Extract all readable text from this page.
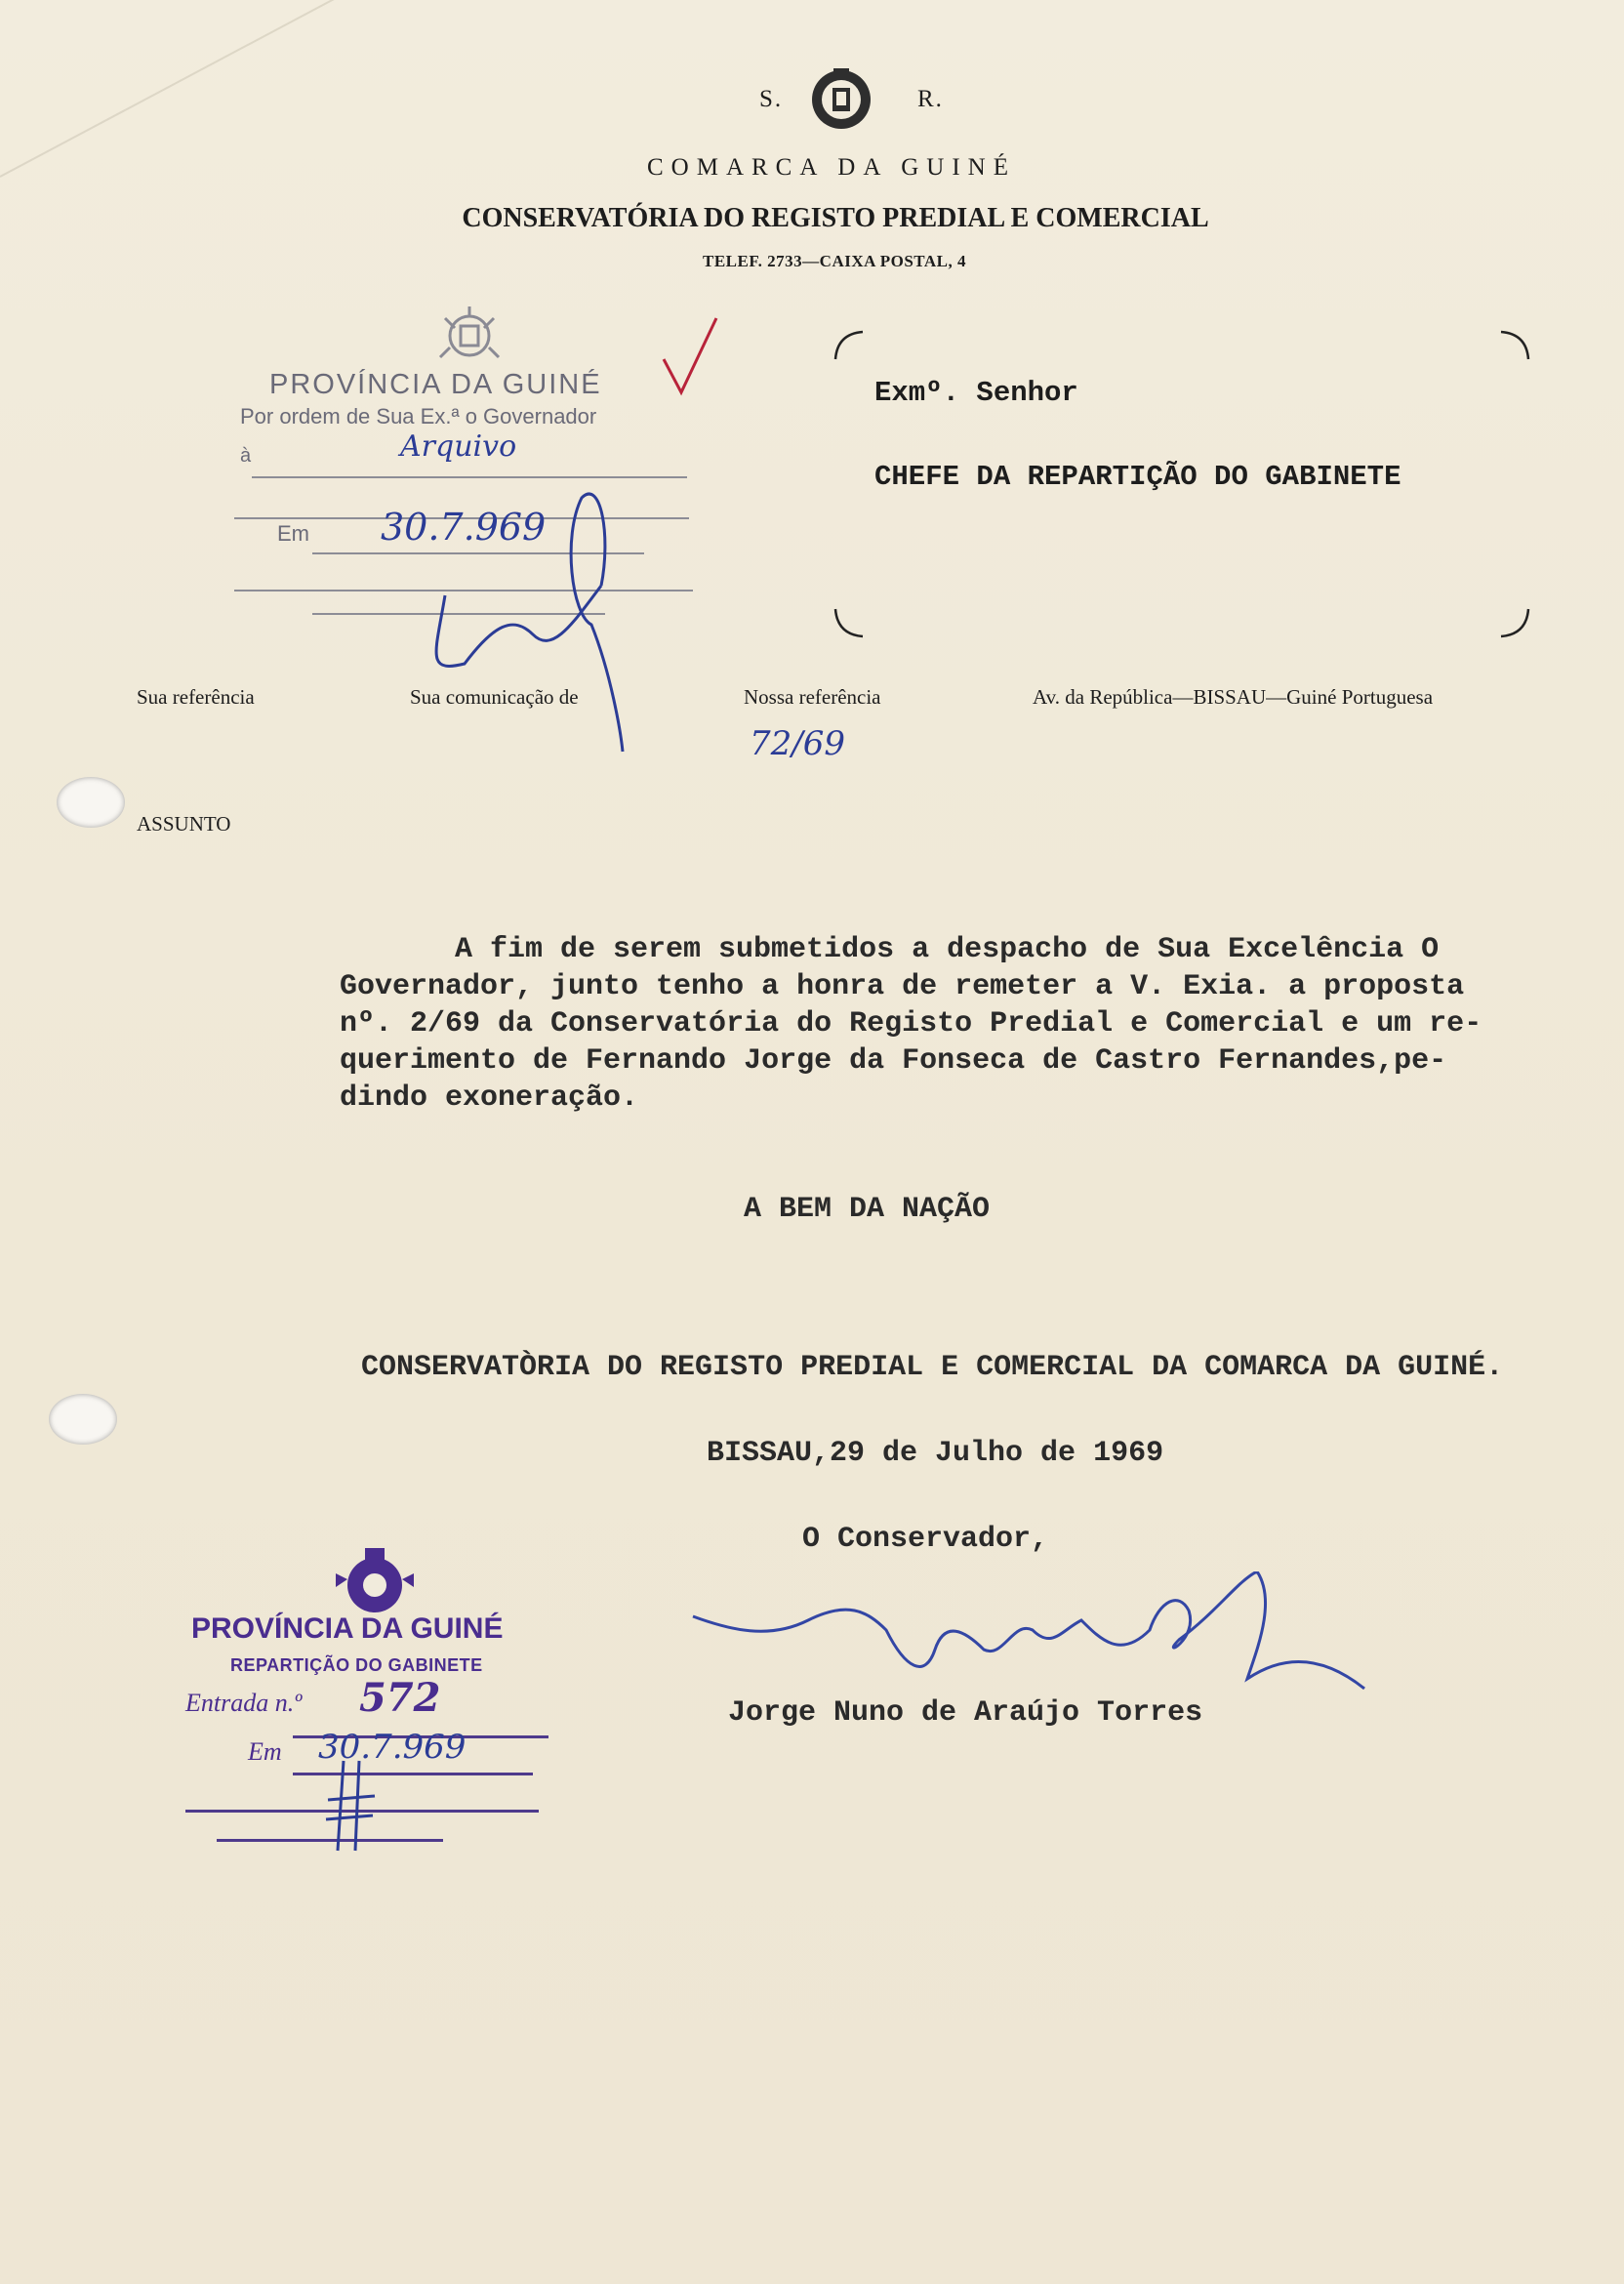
S.	R.
COMARCA DA GUINÉ
CONSERVATÓRIA DO REGISTO PREDIAL E COMERCIAL
TELEF. 2733—CAIXA POSTAL, 4
PROVÍNCIA DA GUINÉ
Por ordem de Sua Ex.ª o Governador
à	Arquivo
Em 30.7.969
Exmº. Senhor
CHEFE DA REPARTIÇÃO DO GABINETE
Sua referência	Sua comunicação de	Nossa referência	Av. da República—BISSAU—Guiné Portuguesa
72/69
ASSUNTO
A fim de serem submetidos a despacho de Sua Excelência O
Governador, junto tenho a honra de remeter a V. Exia. a proposta
nº. 2/69 da Conservatória do Registo Predial e Comercial e um re-
querimento de Fernando Jorge da Fonseca de Castro Fernandes,pe-
dindo exoneração.
A BEM DA NAÇÃO
CONSERVATÒRIA DO REGISTO PREDIAL E COMERCIAL DA COMARCA DA GUINÉ.
BISSAU,29 de Julho de 1969
O Conservador,
Jorge Nuno de Araújo Torres
PROVÍNCIA DA GUINÉ
REPARTIÇÃO DO GABINETE
Entrada n.º 572
Em 30.7.969
